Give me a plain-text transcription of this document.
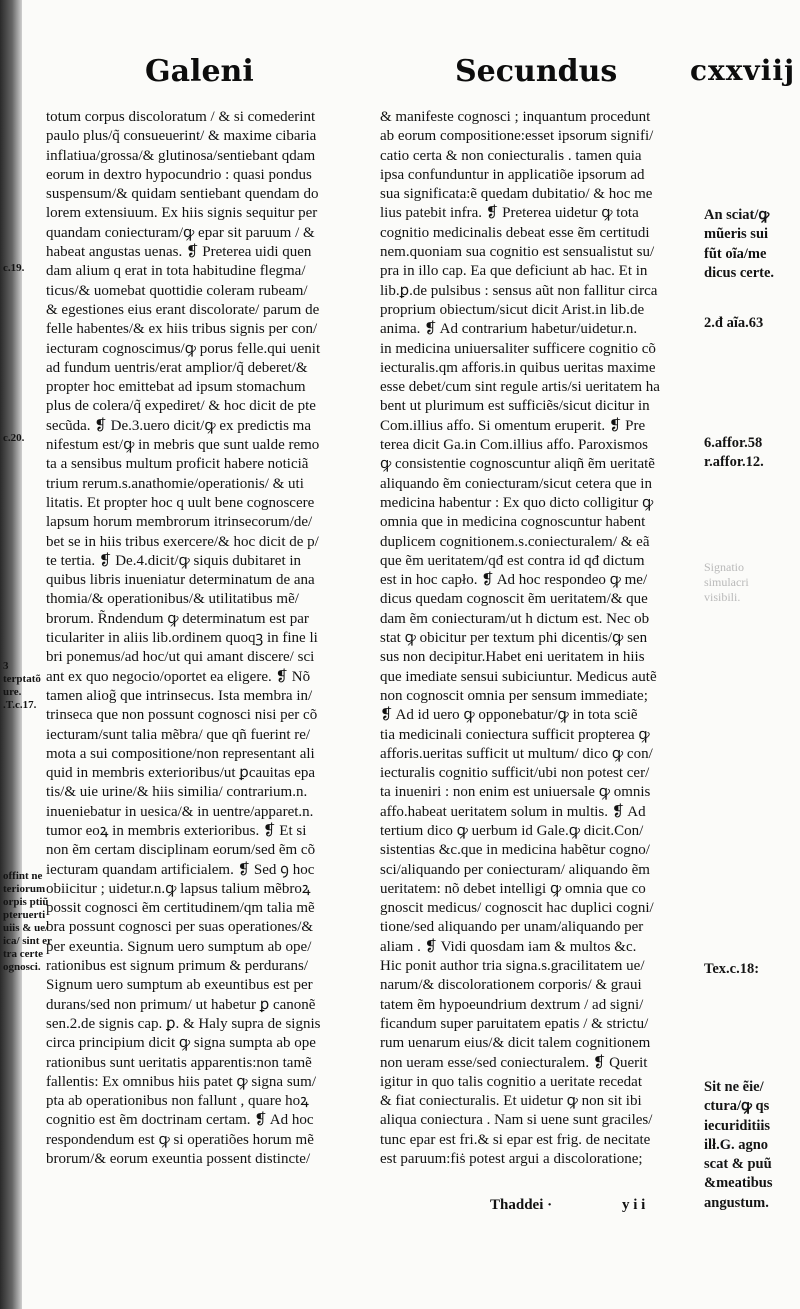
Galeni	Secundus	cxxviij
totum corpus discoloratum / & si comederint
paulo plus/q̃ consueuerint/ & maxime cibaria
inflatiua/grossa/& glutinosa/sentiebant qdam
eorum in dextro hypocundrio : quasi pondus
suspensum/& quidam sentiebant quendam do
lorem extensiuum. Ex hiis signis sequitur per
quandam coniecturam/ꝙ epar sit paruum / &
habeat angustas uenas. ❡ Preterea uidi quen
dam alium q erat in tota habitudine flegma/
ticus/& uomebat quottidie coleram rubeam/
& egestiones eius erant discolorate/ parum de
felle habentes/& ex hiis tribus signis per con/
iecturam cognoscimus/ꝙ porus felle.qui uenit
ad fundum uentris/erat amplior/q̃ deberet/&
propter hoc emittebat ad ipsum stomachum
plus de colera/q̃ expediret/ & hoc dicit de pte
secũda. ❡ De.3.uero dicit/ꝙ ex predictis ma
nifestum est/ꝙ in mebris que sunt ualde remo
ta a sensibus multum proficit habere noticiã
trium rerum.s.anathomie/operationis/ & uti
litatis. Et propter hoc q uult bene cognoscere
lapsum horum membrorum itrinsecorum/de/
bet se in hiis tribus exercere/& hoc dicit de p/
te tertia. ❡ De.4.dicit/ꝙ siquis dubitaret in
quibus libris inueniatur determinatum de ana
thomia/& operationibus/& utilitatibus mẽ/
brorum. R̃ndendum ꝙ determinatum est par
ticulariter in aliis lib.ordinem quoqꝫ in fine li
bri ponemus/ad hoc/ut qui amant discere/ sci
ant ex quo negocio/oportet ea eligere. ❡ Nõ
tamen aliog̃ que intrinsecus. Ista membra in/
trinseca que non possunt cognosci nisi per cõ
iecturam/sunt talia mẽbra/ que qñ fuerint re/
mota a sui compositione/non representant ali
quid in membris exterioribus/ut ꝑcauitas epa
tis/& uie urine/& hiis similia/ contrarium.n.
inueniebatur in uesica/& in uentre/apparet.n.
tumor eoꝝ in membris exterioribus. ❡ Et si
non ẽm certam disciplinam eorum/sed ẽm cõ
iecturam quandam artificialem. ❡ Sed ꝯ hoc
obiicitur ; uidetur.n.ꝙ lapsus talium mẽbroꝝ
possit cognosci ẽm certitudinem/qm talia mẽ
bra possunt cognosci per suas operationes/&
per exeuntia. Signum uero sumptum ab ope/
rationibus est signum primum & perdurans/
Signum uero sumptum ab exeuntibus est per
durans/sed non primum/ ut habetur ꝑ canonẽ
sen.2.de signis cap. ꝑ. & Haly supra de signis
circa principium dicit ꝙ signa sumpta ab ope
rationibus sunt ueritatis apparentis:non tamẽ
fallentis: Ex omnibus hiis patet ꝙ signa sum/
pta ab operationibus non fallunt , quare hoꝝ
cognitio est ẽm doctrinam certam. ❡ Ad hoc
respondendum est ꝙ si operatiões horum mẽ
brorum/& eorum exeuntia possent distincte/
& manifeste cognosci ; inquantum procedunt
ab eorum compositione:esset ipsorum signifi/
catio certa & non coniecturalis . tamen quia
ipsa confunduntur in applicatiõe ipsorum ad
sua significata:ẽ quedam dubitatio/ & hoc me
lius patebit infra. ❡ Preterea uidetur ꝙ tota
cognitio medicinalis debeat esse ẽm certitudi
nem.quoniam sua cognitio est sensualistut su/
pra in illo cap. Ea que deficiunt ab hac. Et in
lib.ꝑ.de pulsibus : sensus aũt non fallitur circa
proprium obiectum/sicut dicit Arist.in lib.de
anima. ❡ Ad contrarium habetur/uidetur.n.
in medicina uniuersaliter sufficere cognitio cõ
iecturalis.qm afforis.in quibus ueritas maxime
esse debet/cum sint regule artis/si ueritatem ha
bent ut plurimum est sufficiẽs/sicut dicitur in
Com.illius affo. Si omentum eruperit. ❡ Pre
terea dicit Ga.in Com.illius affo. Paroxismos
ꝙ consistentie cognoscuntur aliqñ ẽm ueritatẽ
aliquando ẽm coniecturam/sicut cetera que in
medicina habentur : Ex quo dicto colligitur ꝙ
omnia que in medicina cognoscuntur habent
duplicem cognitionem.s.coniecturalem/ & eã
que ẽm ueritatem/qđ est contra id qđ dictum
est in hoc capło. ❡ Ad hoc respondeo ꝙ me/
dicus quedam cognoscit ẽm ueritatem/& que
dam ẽm coniecturam/ut h dictum est. Nec ob
stat ꝙ obicitur per textum phi dicentis/ꝙ sen
sus non decipitur.Habet eni ueritatem in hiis
que imediate sensui subiciuntur. Medicus autẽ
non cognoscit omnia per sensum immediate;
❡ Ad id uero ꝙ opponebatur/ꝙ in tota sciẽ
tia medicinali coniectura sufficit propterea ꝙ
afforis.ueritas sufficit ut multum/ dico ꝙ con/
iecturalis cognitio sufficit/ubi non potest cer/
ta inueniri : non enim est uniuersale ꝙ omnis
affo.habeat ueritatem solum in multis. ❡ Ad
tertium dico ꝙ uerbum id Gale.ꝙ dicit.Con/
sistentias &c.que in medicina habẽtur cogno/
sci/aliquando per coniecturam/ aliquando ẽm
ueritatem: nõ debet intelligi ꝙ omnia que co
gnoscit medicus/ cognoscit hac duplici cogni/
tione/sed aliquando per unam/aliquando per
aliam . ❡ Vidi quosdam iam & multos &c.
Hic ponit author tria signa.s.gracilitatem ue/
narum/& discolorationem corporis/ & graui
tatem ẽm hypoeundrium dextrum / ad signi/
ficandum super paruitatem epatis / & strictu/
rum uenarum eius/& dicit talem cognitionem
non ueram esse/sed coniecturalem. ❡ Querit
igitur in quo talis cognitio a ueritate recedat
& fiat coniecturalis. Et uidetur ꝙ non sit ibi
aliqua coniectura . Nam si uene sunt graciles/
tunc epar est fri.& si epar est frig. de necitate
est paruum:fiṡ potest argui a discoloratione;
An sciat/ꝙ
mũeris sui
fũt oĩa/me
dicus certe.
2.đ aĩa.63
6.affor.58
r.affor.12.
Signatio
simulacri
visibili.
Tex.c.18:
Sit ne ẽie/
ctura/ꝙ qs
iecuriditiis
ilł.G. agno
scat & puũ
&meatibus
angustum.
c.19.
c.20.
3
terptatõ
ure.
.T.c.17.
offint ne
teriorum
orpis ptiũ
pteruerti
uiis & ue/
ica/ sint er
tra certe
ognosci.
Thaddei ·	y i i
